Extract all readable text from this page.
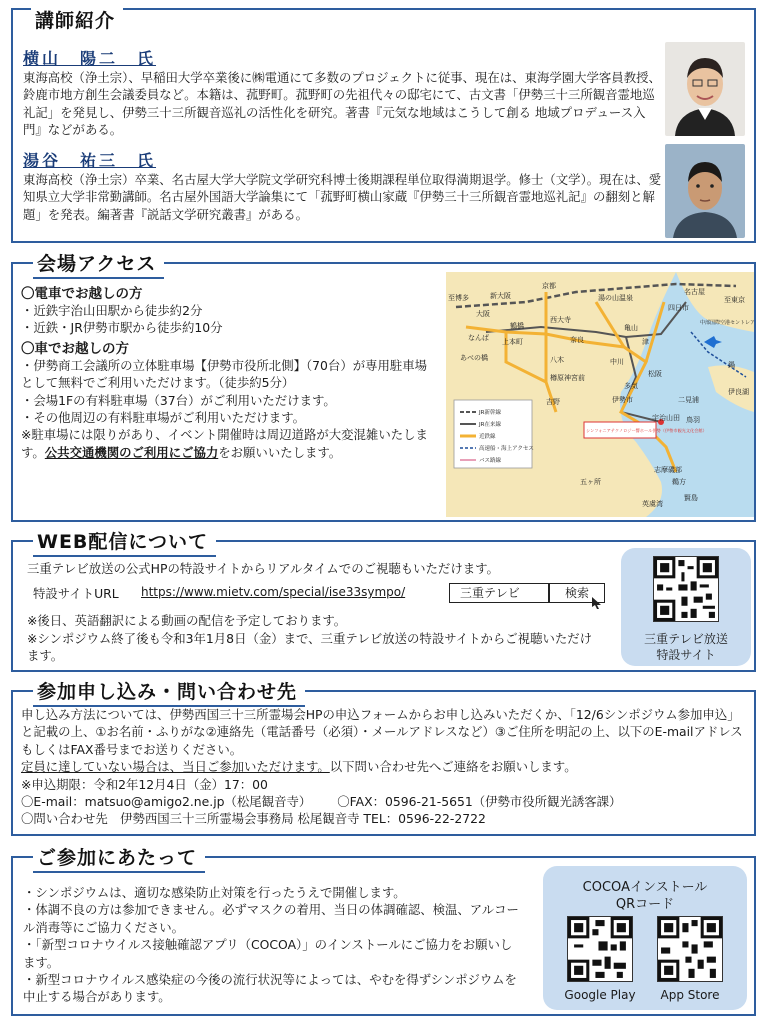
講師紹介
横山　陽二　氏
東海高校（浄土宗）、早稲田大学卒業後に㈱電通にて多数のプロジェクトに従事、現在は、東海学園大学客員教授、鈴鹿市地方創生会議委員など。本籍は、菰野町。菰野町の先祖代々の邸宅にて、古文書「伊勢三十三所観音霊地巡礼記」を発見し、伊勢三十三所観音巡礼の活性化を研究。著書『元気な地域はこうして創る 地域プロデュース入門』などがある。
湯谷　祐三　氏
東海高校（浄土宗）卒業、名古屋大学大学院文学研究科博士後期課程単位取得満期退学。修士（文学）。現在は、愛知県立大学非常勤講師。名古屋外国語大学論集にて「菰野町横山家蔵『伊勢三十三所観音霊地巡礼記』の翻刻と解題」を発表。編著書『説話文学研究叢書』がある。
会場アクセス
〇電車でお越しの方
・近鉄宇治山田駅から徒歩約2分
・近鉄・JR伊勢市駅から徒歩約10分
〇車でお越しの方
・伊勢商工会議所の立体駐車場【伊勢市役所北側】（70台）が専用駐車場として無料でご利用いただけます。（徒歩約5分）
・会場1Fの有料駐車場（37台）がご利用いただけます。
・その他周辺の有料駐車場がご利用いただけます。
※駐車場には限りがあり、イベント開催時は周辺道路が大変混雑いたします。公共交通機関のご利用にご協力をお願いいたします。
JR新幹線
JR在来線
近鉄線
高速船・海上アクセス
バス路線
至博多	新大阪
大阪
なんば
あべの橋
京都
鶴橋
上本町
西大寺
奈良
八木
樽原神宮前
吉野
湯の山温泉
四日市
名古屋
至東京
亀山
津
中川
松阪
多気
伊勢市	二見浦
宇治山田 鳥羽
五ヶ所
志摩磯部
鵜方
賢島
英虞湾
伊良湖
中部国際空港セントレア
鍋
シンフォニアテクノロジー響ホール伊勢（伊勢市観光文化会館）
WEB配信について
三重テレビ放送の公式HPの特設サイトからリアルタイムでのご視聴もいただけます。
特設サイトURL https://www.mietv.com/special/ise33sympo/	三重テレビ	検索
※後日、英語翻訳による動画の配信を予定しております。
※シンポジウム終了後も令和3年1月8日（金）まで、三重テレビ放送の特設サイトからご視聴いただけます。
三重テレビ放送
特設サイト
参加申し込み・問い合わせ先
申し込み方法については、伊勢西国三十三所霊場会HPの申込フォームからお申し込みいただくか、「12/6シンポジウム参加申込」と記載の上、①お名前・ふりがな②連絡先（電話番号（必須）・メールアドレスなど）③ご住所を明記の上、以下のE-mailアドレスもしくはFAX番号までお送りください。
定員に達していない場合は、当日ご参加いただけます。以下問い合わせ先へご連絡をお願いします。
※申込期限：令和2年12月4日（金）17：00
〇E-mail：matsuo@amigo2.ne.jp（松尾観音寺） 〇FAX：0596-21-5651（伊勢市役所観光誘客課）
〇問い合わせ先　伊勢西国三十三所霊場会事務局 松尾観音寺 TEL：0596-22-2722
ご参加にあたって
・シンポジウムは、適切な感染防止対策を行ったうえで開催します。
・体調不良の方は参加できません。必ずマスクの着用、当日の体調確認、検温、アルコール消毒等にご協力ください。
・「新型コロナウイルス接触確認アプリ（COCOA）」のインストールにご協力をお願いします。
・新型コロナウイルス感染症の今後の流行状況等によっては、やむを得ずシンポジウムを中止する場合があります。
COCOAインストール
QRコード
Google Play	App Store
